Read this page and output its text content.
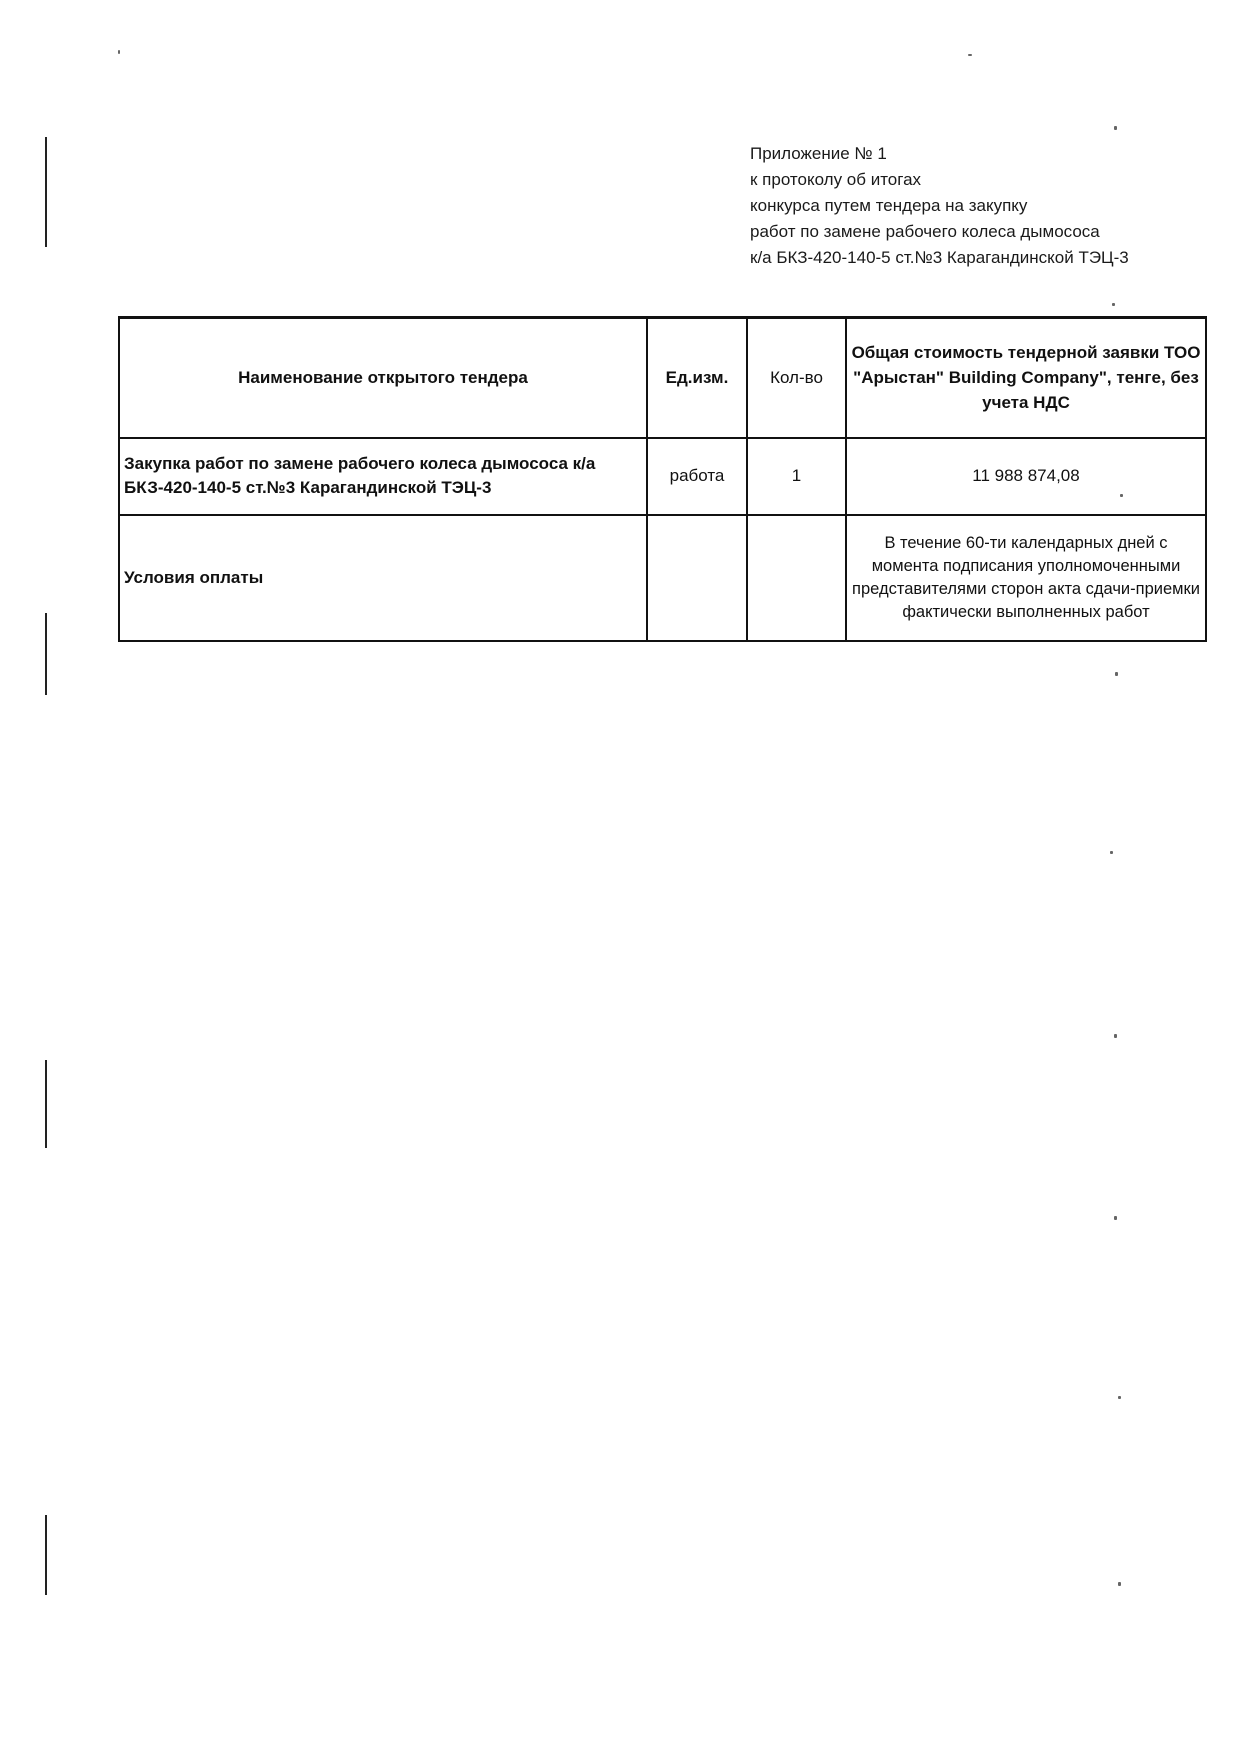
Приложение № 1
к протоколу об итогах
конкурса путем тендера на закупку
работ по замене рабочего колеса дымососа
к/а БКЗ-420-140-5 ст.№3 Карагандинской ТЭЦ-3
Наименование открытого тендера	Ед.изм.	Кол-во	Общая стоимость тендерной заявки ТОО "Арыстан" Building Company", тенге, без учета НДС
Закупка работ по замене рабочего колеса дымососа к/а БКЗ-420-140-5 ст.№3 Карагандинской ТЭЦ-3	работа	1	11 988 874,08
Условия оплаты			В течение 60-ти календарных дней с момента подписания уполномоченными представителями сторон акта сдачи-приемки фактически выполненных работ
